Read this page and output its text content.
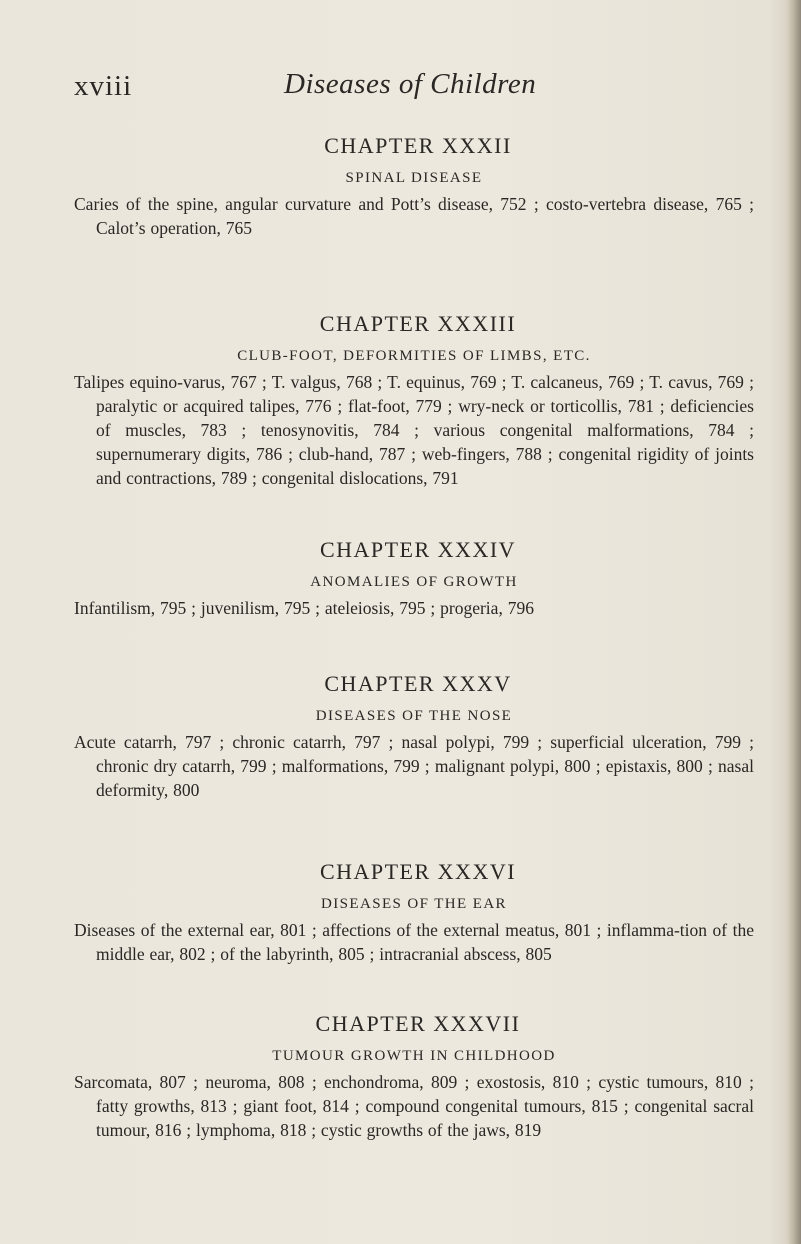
xviii	Diseases of Children
CHAPTER XXXII
SPINAL DISEASE

Caries of the spine, angular curvature and Pott’s disease, 752 ; costo-vertebra disease, 765 ; Calot’s operation, 765

CHAPTER XXXIII
CLUB-FOOT, DEFORMITIES OF LIMBS, ETC.

Talipes equino-varus, 767 ; T. valgus, 768 ; T. equinus, 769 ; T. calcaneus, 769 ; T. cavus, 769 ; paralytic or acquired talipes, 776 ; flat-foot, 779 ; wry-neck or torticollis, 781 ; deficiencies of muscles, 783 ; tenosynovitis, 784 ; various congenital malformations, 784 ; supernumerary digits, 786 ; club-hand, 787 ; web-fingers, 788 ; congenital rigidity of joints and contractions, 789 ; congenital dislocations, 791

CHAPTER XXXIV
ANOMALIES OF GROWTH

Infantilism, 795 ; juvenilism, 795 ; ateleiosis, 795 ; progeria, 796

CHAPTER XXXV
DISEASES OF THE NOSE

Acute catarrh, 797 ; chronic catarrh, 797 ; nasal polypi, 799 ; superficial ulceration, 799 ; chronic dry catarrh, 799 ; malformations, 799 ; malignant polypi, 800 ; epistaxis, 800 ; nasal deformity, 800

CHAPTER XXXVI
DISEASES OF THE EAR

Diseases of the external ear, 801 ; affections of the external meatus, 801 ; inflamma-tion of the middle ear, 802 ; of the labyrinth, 805 ; intracranial abscess, 805

CHAPTER XXXVII
TUMOUR GROWTH IN CHILDHOOD

Sarcomata, 807 ; neuroma, 808 ; enchondroma, 809 ; exostosis, 810 ; cystic tumours, 810 ; fatty growths, 813 ; giant foot, 814 ; compound congenital tumours, 815 ; congenital sacral tumour, 816 ; lymphoma, 818 ; cystic growths of the jaws, 819
